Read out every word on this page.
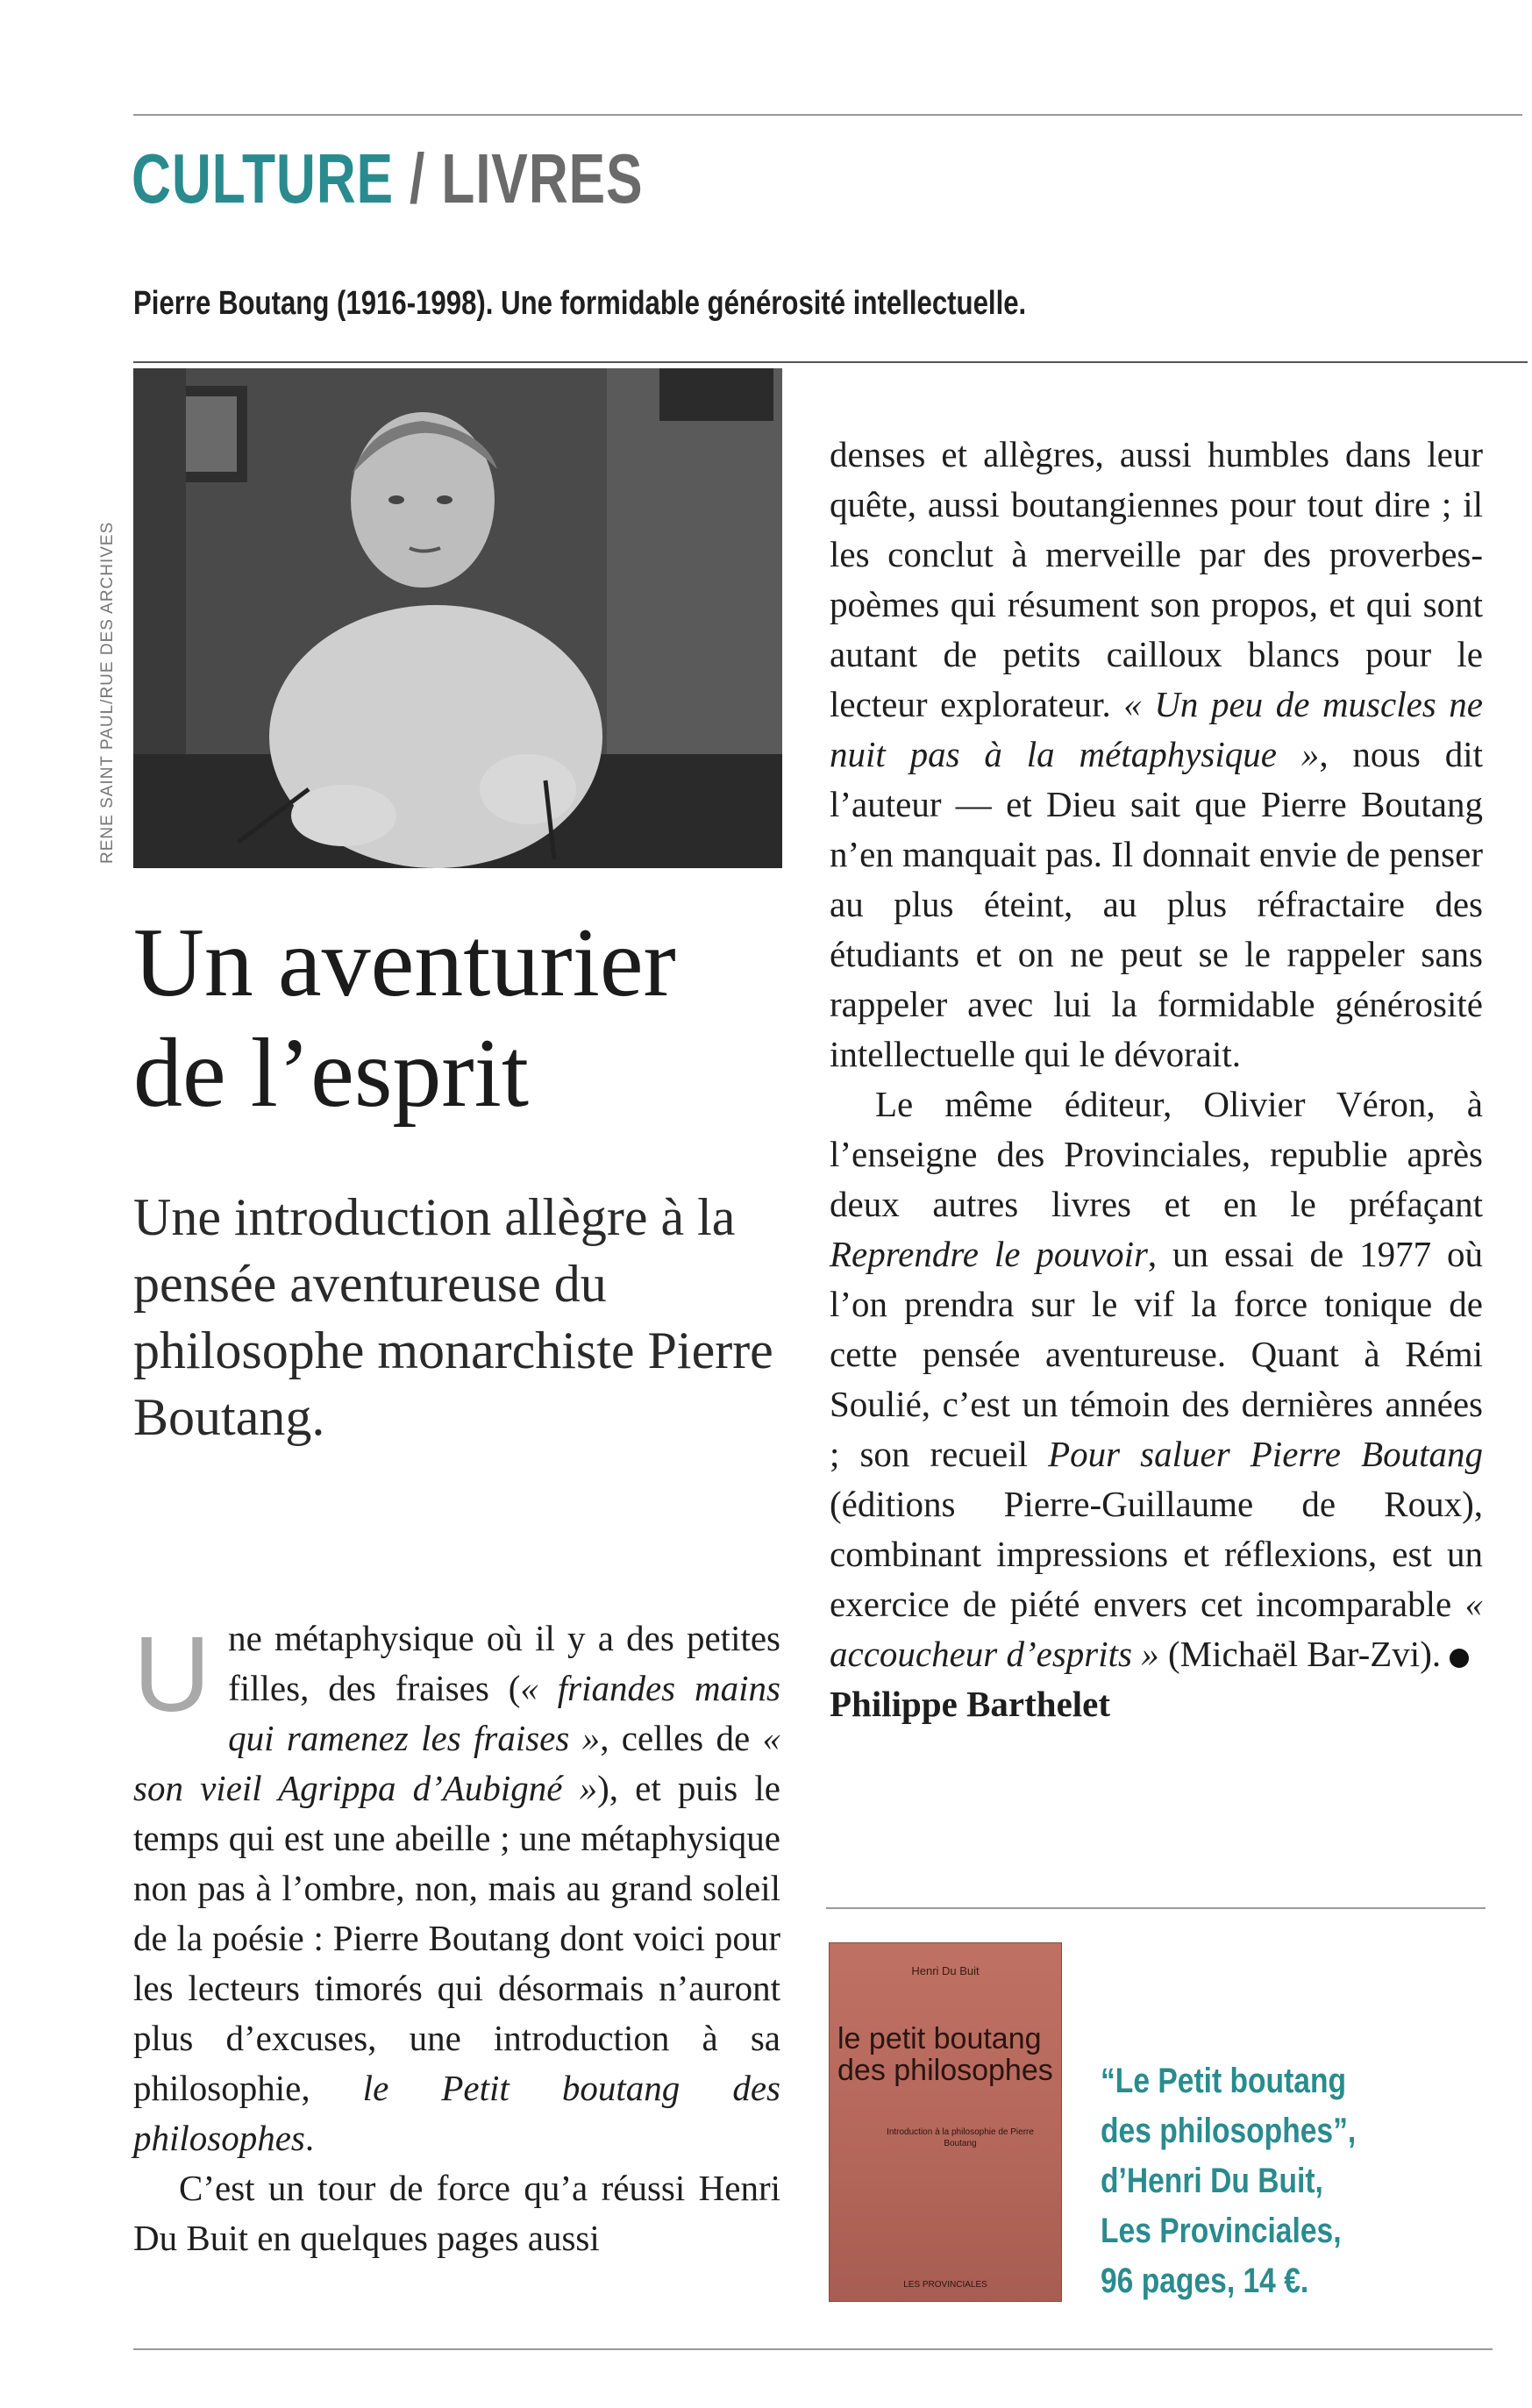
CULTURE / LIVRES
Pierre Boutang (1916-1998). Une formidable générosité intellectuelle.
RENE SAINT PAUL/RUE DES ARCHIVES
Un aventurier
de l’esprit
Une introduction allègre à la pensée aventureuse du philosophe monarchiste Pierre Boutang.

Une métaphysique où il y a des petites filles, des fraises (« friandes mains qui ramenez les fraises », celles de « son vieil Agrippa d’Aubigné »), et puis le temps qui est une abeille ; une métaphysique non pas à l’ombre, non, mais au grand soleil de la poésie : Pierre Boutang dont voici pour les lecteurs timorés qui désormais n’auront plus d’excuses, une introduction à sa philosophie, le Petit boutang des philosophes.

C’est un tour de force qu’a réussi Henri Du Buit en quelques pages aussi

denses et allègres, aussi humbles dans leur quête, aussi boutangiennes pour tout dire ; il les conclut à merveille par des proverbes-poèmes qui résument son propos, et qui sont autant de petits cailloux blancs pour le lecteur explorateur. « Un peu de muscles ne nuit pas à la métaphysique », nous dit l’auteur — et Dieu sait que Pierre Boutang n’en manquait pas. Il donnait envie de penser au plus éteint, au plus réfractaire des étudiants et on ne peut se le rappeler sans rappeler avec lui la formidable générosité intellectuelle qui le dévorait.

Le même éditeur, Olivier Véron, à l’enseigne des Provinciales, republie après deux autres livres et en le préfaçant Reprendre le pouvoir, un essai de 1977 où l’on prendra sur le vif la force tonique de cette pensée aventureuse. Quant à Rémi Soulié, c’est un témoin des dernières années ; son recueil Pour saluer Pierre Boutang (éditions Pierre-Guillaume de Roux), combinant impressions et réflexions, est un exercice de piété envers cet incomparable « accoucheur d’esprits » (Michaël Bar-Zvi).

Philippe Barthelet

Henri Du Buit
le petit boutang des philosophes
Introduction à la philosophie de Pierre Boutang
LES PROVINCIALES
“Le Petit boutang
des philosophes”,
d’Henri Du Buit,
Les Provinciales,
96 pages, 14 €.
